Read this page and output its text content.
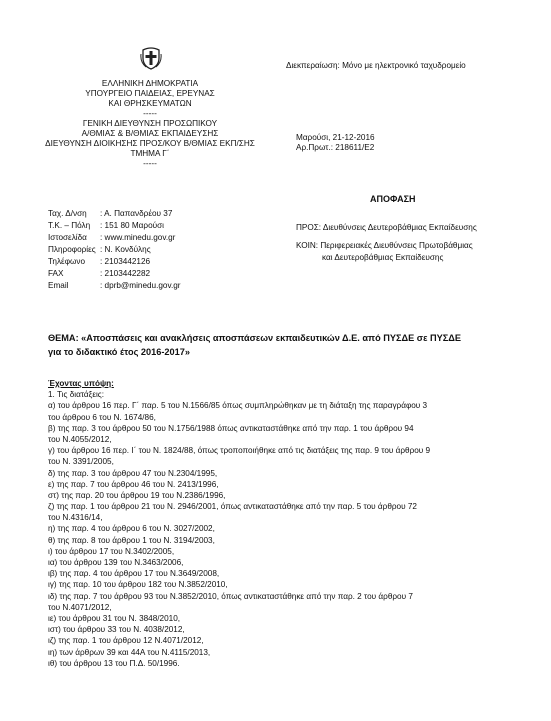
ΕΛΛΗΝΙΚΗ ΔΗΜΟΚΡΑΤΙΑ
ΥΠΟΥΡΓΕΙΟ ΠΑΙΔΕΙΑΣ, ΕΡΕΥΝΑΣ
ΚΑΙ ΘΡΗΣΚΕΥΜΑΤΩΝ
-----
ΓΕΝΙΚΗ ΔΙΕΥΘΥΝΣΗ ΠΡΟΣΩΠΙΚΟΥ
Α/ΘΜΙΑΣ & Β/ΘΜΙΑΣ ΕΚΠΑΙΔΕΥΣΗΣ
ΔΙΕΥΘΥΝΣΗ ΔΙΟΙΚΗΣΗΣ ΠΡΟΣ/ΚΟΥ Β/ΘΜΙΑΣ ΕΚΠ/ΣΗΣ
ΤΜΗΜΑ Γ΄
-----
Διεκπεραίωση: Μόνο με ηλεκτρονικό ταχυδρομείο
Μαρούσι, 21-12-2016
Αρ.Πρωτ.: 218611/Ε2
ΑΠΟΦΑΣΗ
Ταχ. Δ/νση	: Α. Παπανδρέου 37
Τ.Κ. – Πόλη	: 151 80 Μαρούσι
Ιστοσελίδα	: www.minedu.gov.gr
Πληροφορίες : Ν. Κονδύλης
Τηλέφωνο	: 2103442126
FAX	: 2103442282
Email	: dprb@minedu.gov.gr
ΠΡΟΣ: Διευθύνσεις Δευτεροβάθμιας Εκπαίδευσης
ΚΟΙΝ: Περιφερειακές Διευθύνσεις Πρωτοβάθμιας
και Δευτεροβάθμιας Εκπαίδευσης
ΘΕΜΑ: «Αποσπάσεις και ανακλήσεις αποσπάσεων εκπαιδευτικών Δ.Ε. από ΠΥΣΔΕ σε ΠΥΣΔΕ
για το διδακτικό έτος 2016-2017»
Έχοντας υπόψη:
1. Τις διατάξεις:
α) του άρθρου 16 περ. Γ΄ παρ. 5 του Ν.1566/85 όπως συμπληρώθηκαν με τη διάταξη της παραγράφου 3
του άρθρου 6 του Ν. 1674/86,
β) της παρ. 3 του άρθρου 50 του Ν.1756/1988 όπως αντικαταστάθηκε από την παρ. 1 του άρθρου 94
του Ν.4055/2012,
γ) του άρθρου 16 περ. Ι΄ του Ν. 1824/88, όπως τροποποιήθηκε από τις διατάξεις της παρ. 9 του άρθρου 9
του Ν. 3391/2005,
δ) της παρ. 3 του άρθρου 47 του Ν.2304/1995,
ε) της παρ. 7 του άρθρου 46 του Ν. 2413/1996,
στ) της παρ. 20 του άρθρου 19 του Ν.2386/1996,
ζ) της παρ. 1 του άρθρου 21 του Ν. 2946/2001, όπως αντικαταστάθηκε από την παρ. 5 του άρθρου 72
του Ν.4316/14,
η) της παρ. 4 του άρθρου 6 του Ν. 3027/2002,
θ) της παρ. 8 του άρθρου 1 του Ν. 3194/2003,
ι) του άρθρου 17 του Ν.3402/2005,
ια) του άρθρου 139 του Ν.3463/2006,
ιβ) της παρ. 4 του άρθρου 17 του Ν.3649/2008,
ιγ) της παρ. 10 του άρθρου 182 του Ν.3852/2010,
ιδ) της παρ. 7 του άρθρου 93 του Ν.3852/2010, όπως αντικαταστάθηκε από την παρ. 2 του άρθρου 7
του Ν.4071/2012,
ιε) του άρθρου 31 του Ν. 3848/2010,
ιστ) του άρθρου 33 του Ν. 4038/2012,
ιζ) της παρ. 1 του άρθρου 12 Ν.4071/2012,
ιη) των άρθρων 39 και 44Α του Ν.4115/2013,
ιθ) του άρθρου 13 του Π.Δ. 50/1996.
